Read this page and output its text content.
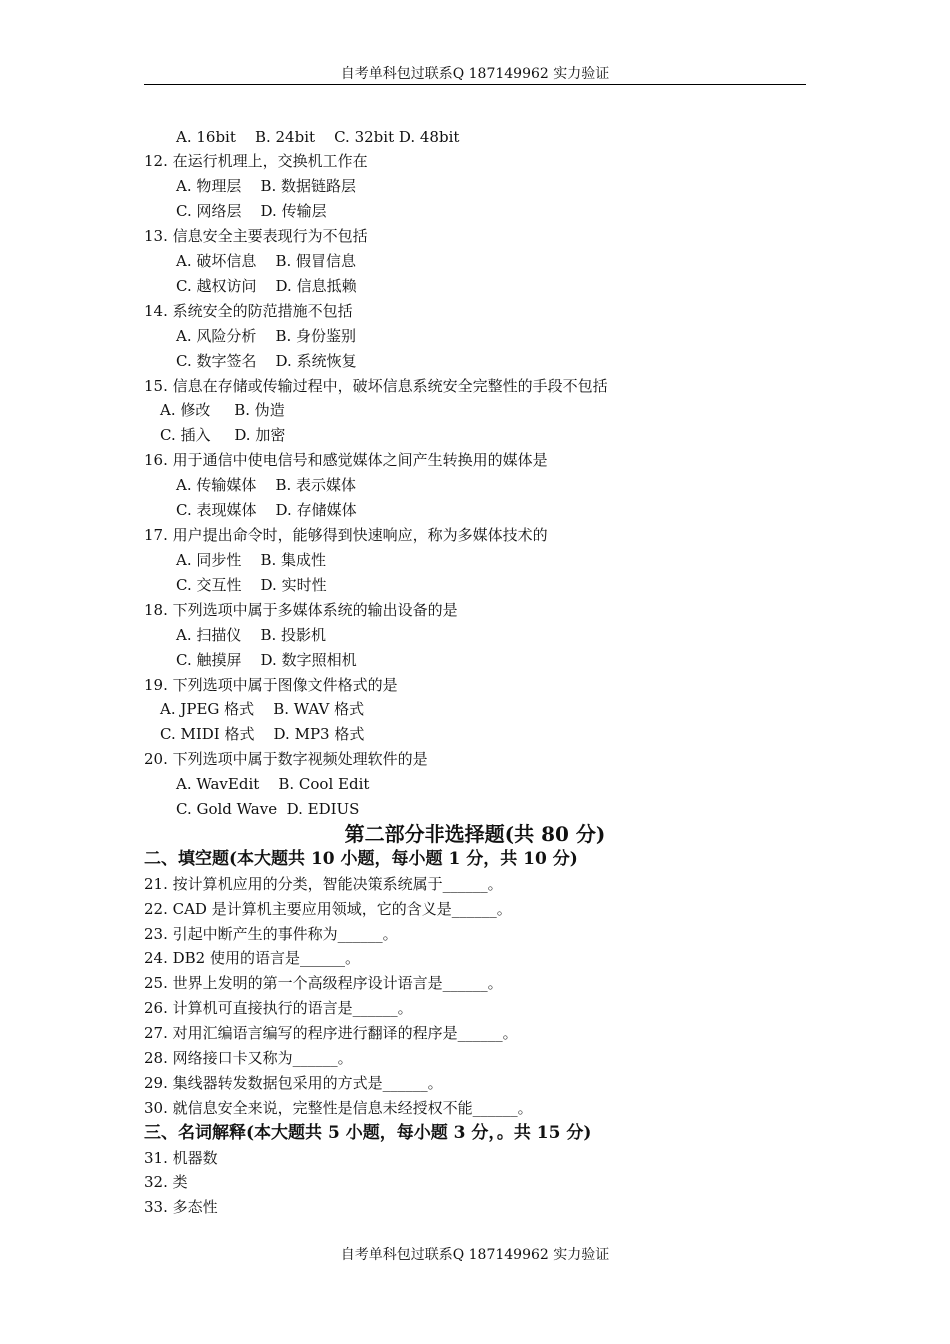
自考单科包过联系Q 187149962 实力验证
A. 16bit    B. 24bit    C. 32bit D. 48bit
12. 在运行机理上，交换机工作在
A. 物理层    B. 数据链路层
C. 网络层    D. 传输层
13. 信息安全主要表现行为不包括
A. 破坏信息    B. 假冒信息
C. 越权访问    D. 信息抵赖
14. 系统安全的防范措施不包括
A. 风险分析    B. 身份鉴别
C. 数字签名    D. 系统恢复
15. 信息在存储或传输过程中，破坏信息系统安全完整性的手段不包括
A. 修改     B. 伪造
C. 插入     D. 加密
16. 用于通信中使电信号和感觉媒体之间产生转换用的媒体是
A. 传输媒体    B. 表示媒体
C. 表现媒体    D. 存储媒体
17. 用户提出命令时，能够得到快速响应，称为多媒体技术的
A. 同步性    B. 集成性
C. 交互性    D. 实时性
18. 下列选项中属于多媒体系统的输出设备的是
A. 扫描仪    B. 投影机
C. 触摸屏    D. 数字照相机
19. 下列选项中属于图像文件格式的是
A. JPEG 格式    B. WAV 格式
C. MIDI 格式    D. MP3 格式
20. 下列选项中属于数字视频处理软件的是
A. WavEdit    B. Cool Edit
C. Gold Wave  D. EDIUS
第二部分非选择题(共 80 分)
二、填空题(本大题共 10 小题，每小题 1 分，共 10 分)
21. 按计算机应用的分类，智能决策系统属于______。
22. CAD 是计算机主要应用领域，它的含义是______。
23. 引起中断产生的事件称为______。
24. DB2 使用的语言是______。
25. 世界上发明的第一个高级程序设计语言是______。
26. 计算机可直接执行的语言是______。
27. 对用汇编语言编写的程序进行翻译的程序是______。
28. 网络接口卡又称为______。
29. 集线器转发数据包采用的方式是______。
30. 就信息安全来说，完整性是信息未经授权不能______。
三、名词解释(本大题共 5 小题，每小题 3 分，。共 15 分)
31. 机器数
32. 类
33. 多态性
自考单科包过联系Q 187149962 实力验证
